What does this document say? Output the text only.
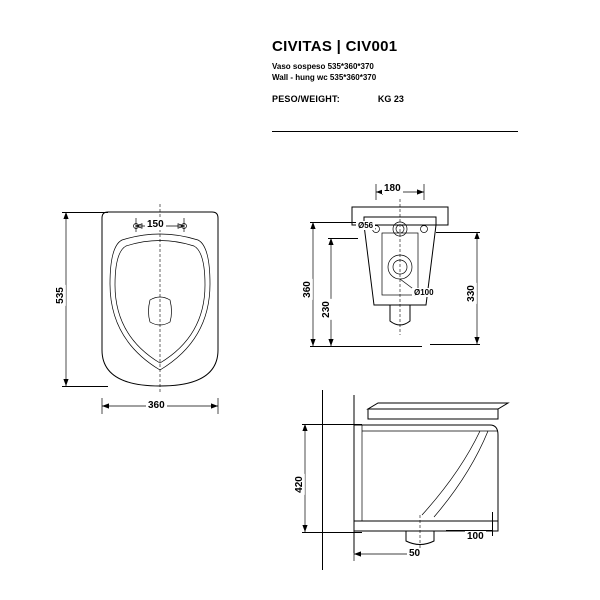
CIVITAS | CIV001

Vaso sospeso 535*360*370

Wall - hung wc 535*360*370

PESO/WEIGHT:	KG 23
150
535
360
Ø56
Ø100
180
360
230
330
420
50
100
